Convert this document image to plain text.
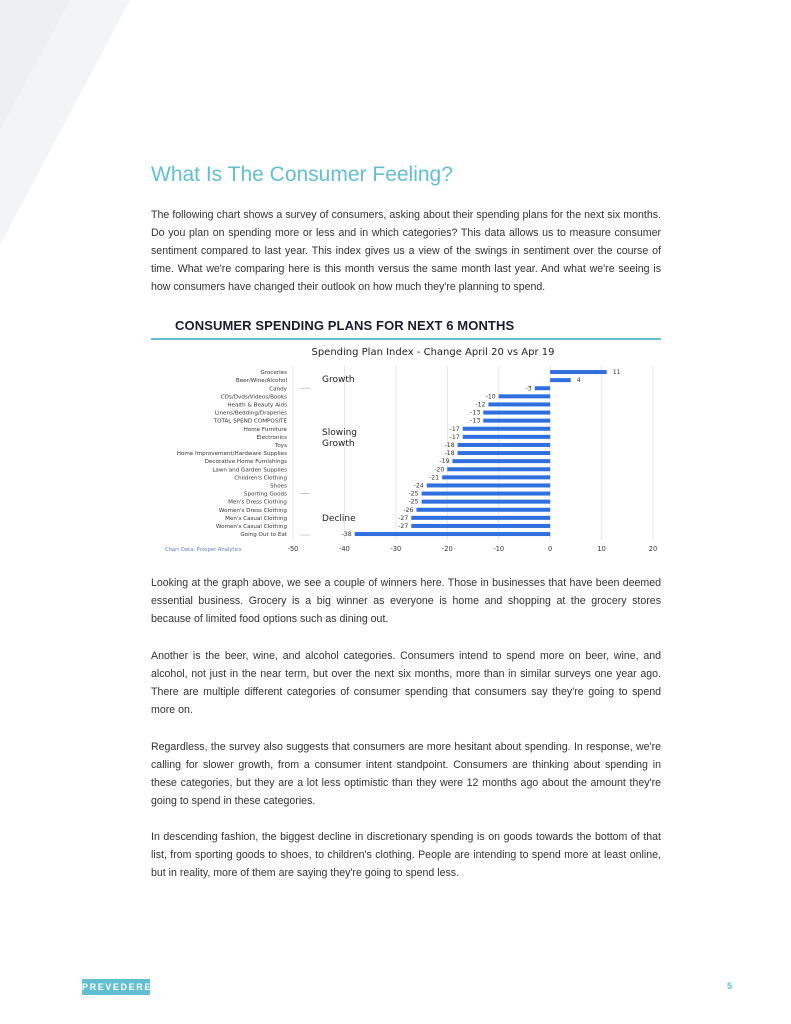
What Is The Consumer Feeling?

The following chart shows a survey of consumers, asking about their spending plans for the next six months. Do you plan on spending more or less and in which categories? This data allows us to measure consumer sentiment compared to last year. This index gives us a view of the swings in sentiment over the course of time. What we're comparing here is this month versus the same month last year. And what we're seeing is how consumers have changed their outlook on how much they're planning to spend.

CONSUMER SPENDING PLANS FOR NEXT 6 MONTHS
Spending Plan Index - Change April 20 vs Apr 19
Groceries	11
Beer/Wine/Alcohol	4
Candy	-3
CDs/Dvds/Videos/Books	-10
Health & Beauty Aids	-12
Linens/Bedding/Draperies	-13
TOTAL SPEND COMPOSITE	-13
Home Furniture	-17
Electronics	-17
Toys	-18
Home Improvement/Hardware Supplies	-18
Decorative Home Furnishings	-19
Lawn and Garden Supplies	-20
Children's Clothing	-21
Shoes	-24
Sporting Goods	-25
Men's Dress Clothing	-25
Women's Dress Clothing	-26
Men's Casual Clothing	-27
Women's Casual Clothing	-27
Going Out to Eat	-38
Growth
Slowing Growth
Decline
-50	-40	-30	-20	-10	0	10	20
Chart Data: Prosper Analytics

Looking at the graph above, we see a couple of winners here. Those in businesses that have been deemed essential business. Grocery is a big winner as everyone is home and shopping at the grocery stores because of limited food options such as dining out.

Another is the beer, wine, and alcohol categories. Consumers intend to spend more on beer, wine, and alcohol, not just in the near term, but over the next six months, more than in similar surveys one year ago. There are multiple different categories of consumer spending that consumers say they're going to spend more on.

Regardless, the survey also suggests that consumers are more hesitant about spending. In response, we're calling for slower growth, from a consumer intent standpoint. Consumers are thinking about spending in these categories, but they are a lot less optimistic than they were 12 months ago about the amount they're going to spend in these categories.

In descending fashion, the biggest decline in discretionary spending is on goods towards the bottom of that list, from sporting goods to shoes, to children's clothing. People are intending to spend more at least online, but in reality, more of them are saying they're going to spend less.

PREVEDERE	5
